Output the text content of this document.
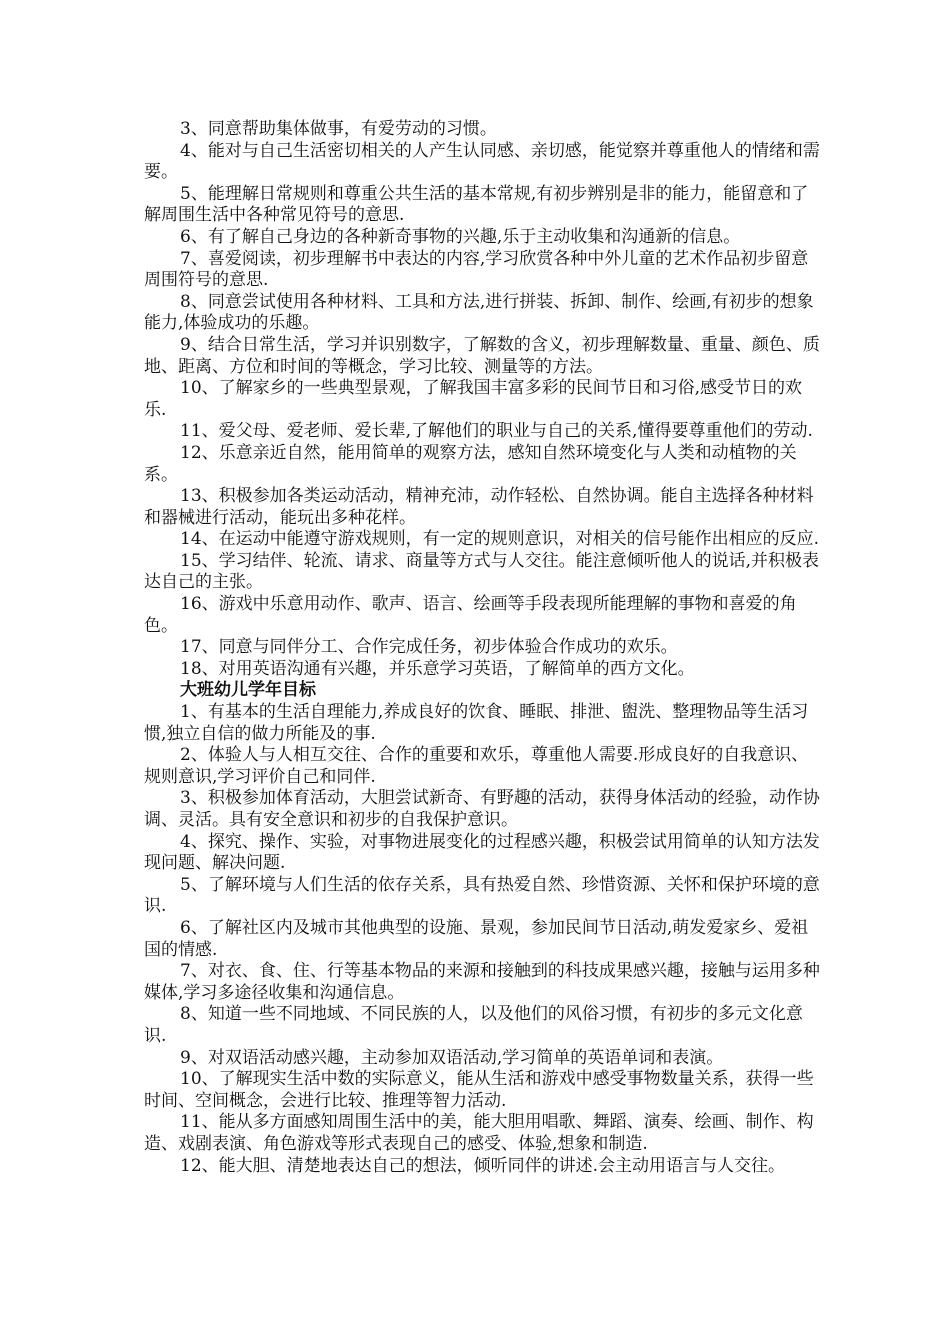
3、同意帮助集体做事，有爱劳动的习惯。

4、能对与自己生活密切相关的人产生认同感、亲切感，能觉察并尊重他人的情绪和需要。

5、能理解日常规则和尊重公共生活的基本常规,有初步辨别是非的能力，能留意和了解周围生活中各种常见符号的意思.

6、有了解自己身边的各种新奇事物的兴趣,乐于主动收集和沟通新的信息。

7、喜爱阅读，初步理解书中表达的内容,学习欣赏各种中外儿童的艺术作品初步留意周围符号的意思.

8、同意尝试使用各种材料、工具和方法,进行拼装、拆卸、制作、绘画,有初步的想象能力,体验成功的乐趣。

9、结合日常生活，学习并识别数字，了解数的含义，初步理解数量、重量、颜色、质地、距离、方位和时间的等概念，学习比较、测量等的方法。

10、了解家乡的一些典型景观，了解我国丰富多彩的民间节日和习俗,感受节日的欢乐.

11、爱父母、爱老师、爱长辈,了解他们的职业与自己的关系,懂得要尊重他们的劳动.

12、乐意亲近自然，能用简单的观察方法，感知自然环境变化与人类和动植物的关系。

13、积极参加各类运动活动，精神充沛，动作轻松、自然协调。能自主选择各种材料和器械进行活动，能玩出多种花样。

14、在运动中能遵守游戏规则，有一定的规则意识，对相关的信号能作出相应的反应.

15、学习结伴、轮流、请求、商量等方式与人交往。能注意倾听他人的说话,并积极表达自己的主张。

16、游戏中乐意用动作、歌声、语言、绘画等手段表现所能理解的事物和喜爱的角色。

17、同意与同伴分工、合作完成任务，初步体验合作成功的欢乐。

18、对用英语沟通有兴趣，并乐意学习英语，了解简单的西方文化。

大班幼儿学年目标

1、有基本的生活自理能力,养成良好的饮食、睡眠、排泄、盥洗、整理物品等生活习惯,独立自信的做力所能及的事.

2、体验人与人相互交往、合作的重要和欢乐，尊重他人需要.形成良好的自我意识、规则意识,学习评价自己和同伴.

3、积极参加体育活动，大胆尝试新奇、有野趣的活动，获得身体活动的经验，动作协调、灵活。具有安全意识和初步的自我保护意识。

4、探究、操作、实验，对事物进展变化的过程感兴趣，积极尝试用简单的认知方法发现问题、解决问题.

5、了解环境与人们生活的依存关系，具有热爱自然、珍惜资源、关怀和保护环境的意识.

6、了解社区内及城市其他典型的设施、景观，参加民间节日活动,萌发爱家乡、爱祖国的情感.

7、对衣、食、住、行等基本物品的来源和接触到的科技成果感兴趣，接触与运用多种媒体,学习多途径收集和沟通信息。

8、知道一些不同地域、不同民族的人，以及他们的风俗习惯，有初步的多元文化意识.

9、对双语活动感兴趣，主动参加双语活动,学习简单的英语单词和表演。

10、了解现实生活中数的实际意义，能从生活和游戏中感受事物数量关系，获得一些时间、空间概念，会进行比较、推理等智力活动.

11、能从多方面感知周围生活中的美，能大胆用唱歌、舞蹈、演奏、绘画、制作、构造、戏剧表演、角色游戏等形式表现自己的感受、体验,想象和制造.

12、能大胆、清楚地表达自己的想法，倾听同伴的讲述.会主动用语言与人交往。
